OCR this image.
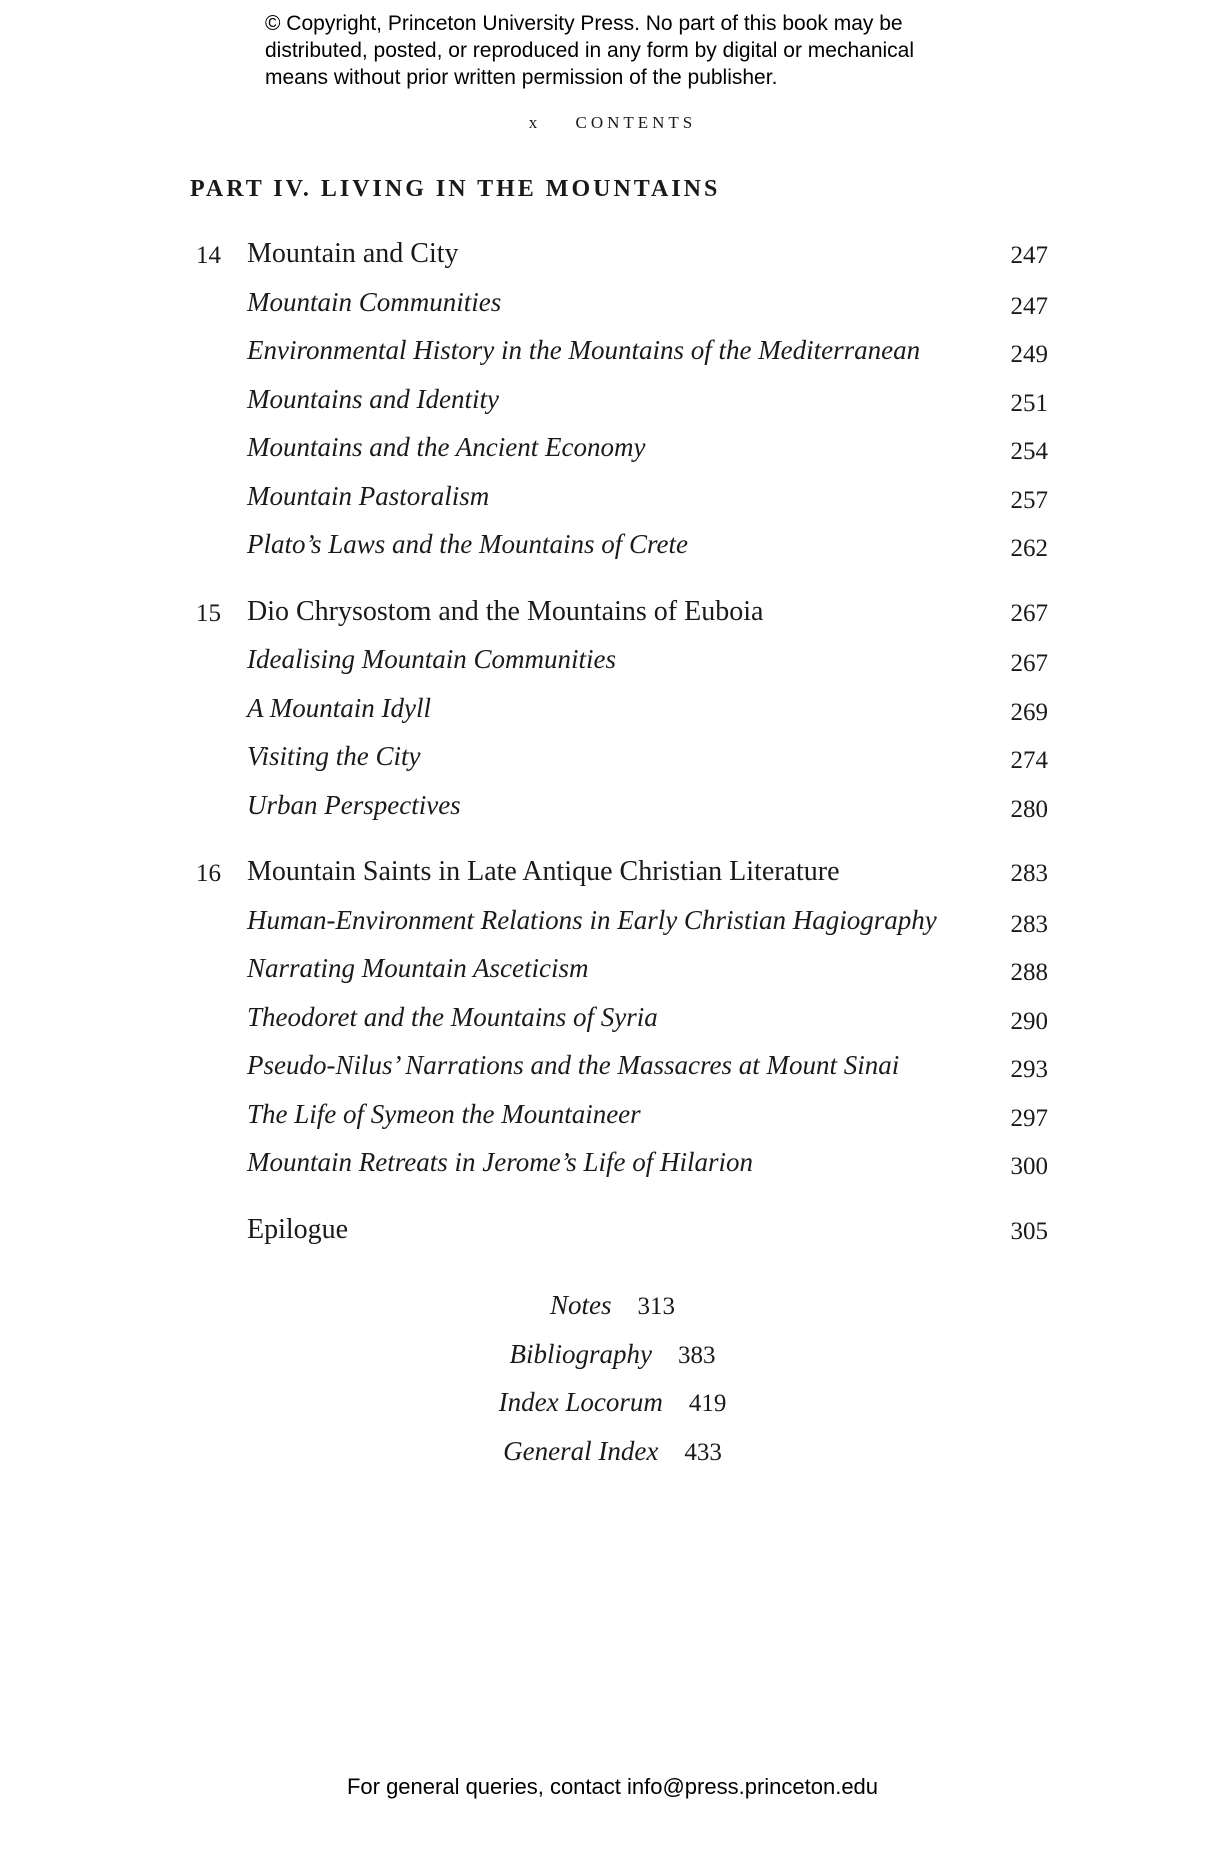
© Copyright, Princeton University Press. No part of this book may be
distributed, posted, or reproduced in any form by digital or mechanical
means without prior written permission of the publisher.
x CONTENTS
PART IV. LIVING IN THE MOUNTAINS
14 Mountain and City	247
Mountain Communities	247
Environmental History in the Mountains of the Mediterranean	249
Mountains and Identity	251
Mountains and the Ancient Economy	254
Mountain Pastoralism	257
Plato’s Laws and the Mountains of Crete	262
15 Dio Chrysostom and the Mountains of Euboia	267
Idealising Mountain Communities	267
A Mountain Idyll	269
Visiting the City	274
Urban Perspectives	280
16 Mountain Saints in Late Antique Christian Literature	283
Human-Environment Relations in Early Christian Hagiography	283
Narrating Mountain Asceticism	288
Theodoret and the Mountains of Syria	290
Pseudo-Nilus’ Narrations and the Massacres at Mount Sinai	293
The Life of Symeon the Mountaineer	297
Mountain Retreats in Jerome’s Life of Hilarion	300
Epilogue	305
Notes 313
Bibliography 383
Index Locorum 419
General Index 433
For general queries, contact info@press.princeton.edu
